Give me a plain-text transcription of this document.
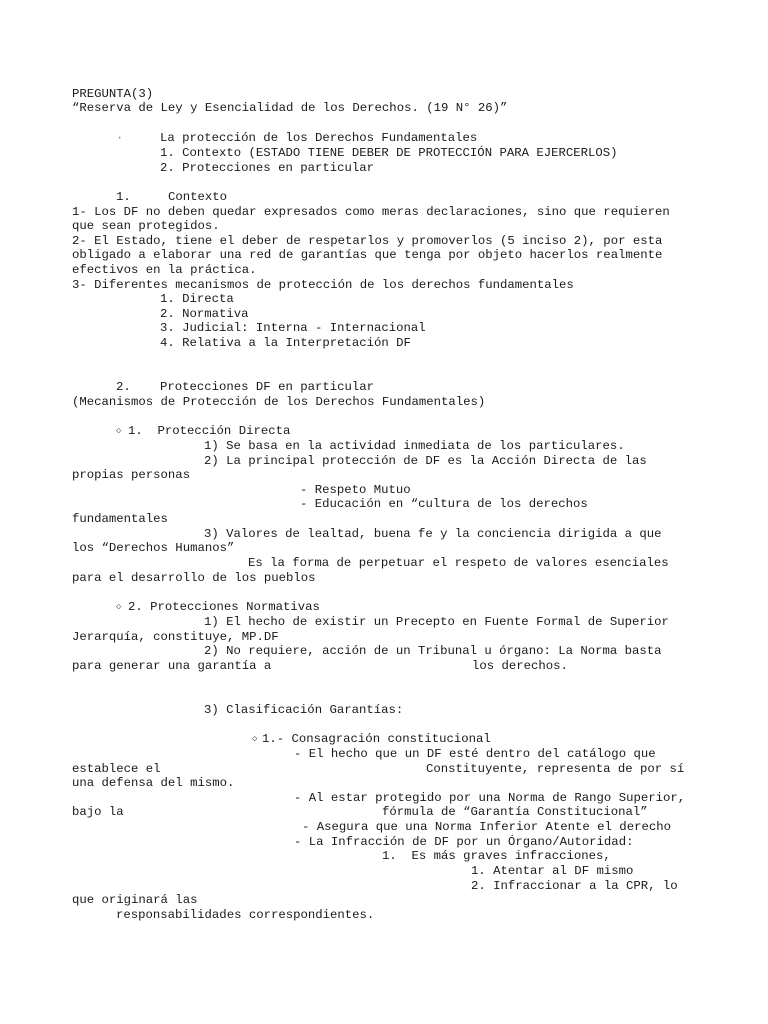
PREGUNTA(3)
“Reserva de Ley y Esencialidad de los Derechos. (19 N° 26)”
·	La protección de los Derechos Fundamentales
1. Contexto (ESTADO TIENE DEBER DE PROTECCIÓN PARA EJERCERLOS)
2. Protecciones en particular
1.	Contexto
1- Los DF no deben quedar expresados como meras declaraciones, sino que requieren
que sean protegidos.
2- El Estado, tiene el deber de respetarlos y promoverlos (5 inciso 2), por esta
obligado a elaborar una red de garantías que tenga por objeto hacerlos realmente
efectivos en la práctica.
3- Diferentes mecanismos de protección de los derechos fundamentales
1. Directa
2. Normativa
3. Judicial: Interna - Internacional
4. Relativa a la Interpretación DF
2. Protecciones DF en particular
(Mecanismos de Protección de los Derechos Fundamentales)
◇ 1.  Protección Directa
1) Se basa en la actividad inmediata de los particulares.
2) La principal protección de DF es la Acción Directa de las
propias personas
- Respeto Mutuo
- Educación en “cultura de los derechos
fundamentales
3) Valores de lealtad, buena fe y la conciencia dirigida a que
los “Derechos Humanos”
Es la forma de perpetuar el respeto de valores esenciales
para el desarrollo de los pueblos
◇ 2. Protecciones Normativas
1) El hecho de existir un Precepto en Fuente Formal de Superior
Jerarquía, constituye, MP.DF
2) No requiere, acción de un Tribunal u órgano: La Norma basta
para generar una garantía a	los derechos.
3) Clasificación Garantías:
◇ 1.- Consagración constitucional
- El hecho que un DF esté dentro del catálogo que
establece el	Constituyente, representa de por sí
una defensa del mismo.
- Al estar protegido por una Norma de Rango Superior,
bajo la	fórmula de “Garantía Constitucional”
- Asegura que una Norma Inferior Atente el derecho
- La Infracción de DF por un Órgano/Autoridad:
1.  Es más graves infracciones,
1. Atentar al DF mismo
2. Infraccionar a la CPR, lo
que originará las
responsabilidades correspondientes.
